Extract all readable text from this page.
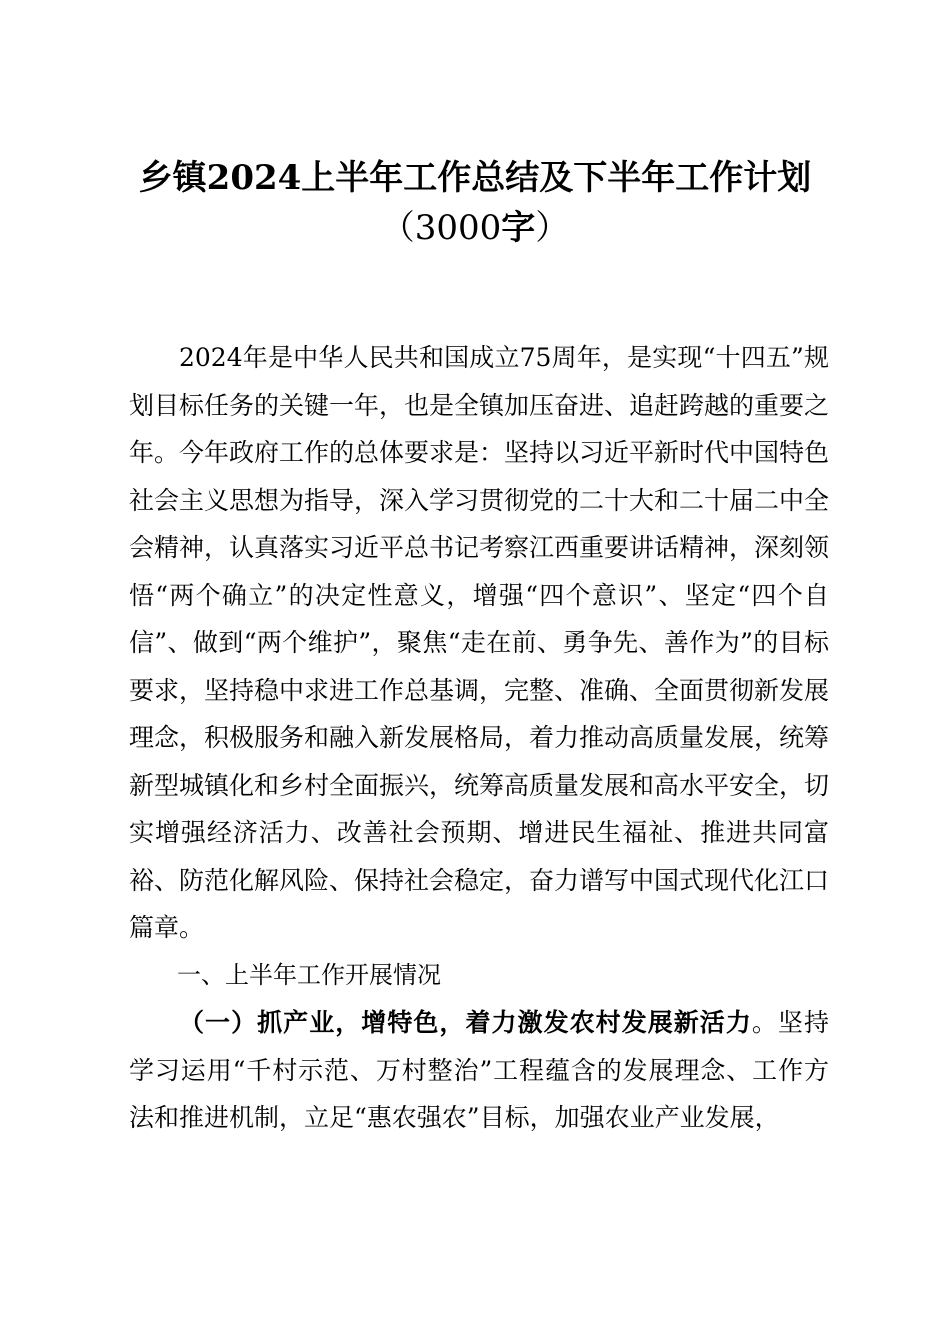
乡镇2024上半年工作总结及下半年工作计划
（3000字）

2024年是中华人民共和国成立75周年，是实现“十四五”规划目标任务的关键一年，也是全镇加压奋进、追赶跨越的重要之年。今年政府工作的总体要求是：坚持以习近平新时代中国特色社会主义思想为指导，深入学习贯彻党的二十大和二十届二中全会精神，认真落实习近平总书记考察江西重要讲话精神，深刻领悟“两个确立”的决定性意义，增强“四个意识”、坚定“四个自信”、做到“两个维护”，聚焦“走在前、勇争先、善作为”的目标要求，坚持稳中求进工作总基调，完整、准确、全面贯彻新发展理念，积极服务和融入新发展格局，着力推动高质量发展，统筹新型城镇化和乡村全面振兴，统筹高质量发展和高水平安全，切实增强经济活力、改善社会预期、增进民生福祉、推进共同富裕、防范化解风险、保持社会稳定，奋力谱写中国式现代化江口篇章。

一、上半年工作开展情况

（一）抓产业，增特色，着力激发农村发展新活力。坚持学习运用“千村示范、万村整治”工程蕴含的发展理念、工作方法和推进机制，立足“惠农强农”目标，加强农业产业发展，
